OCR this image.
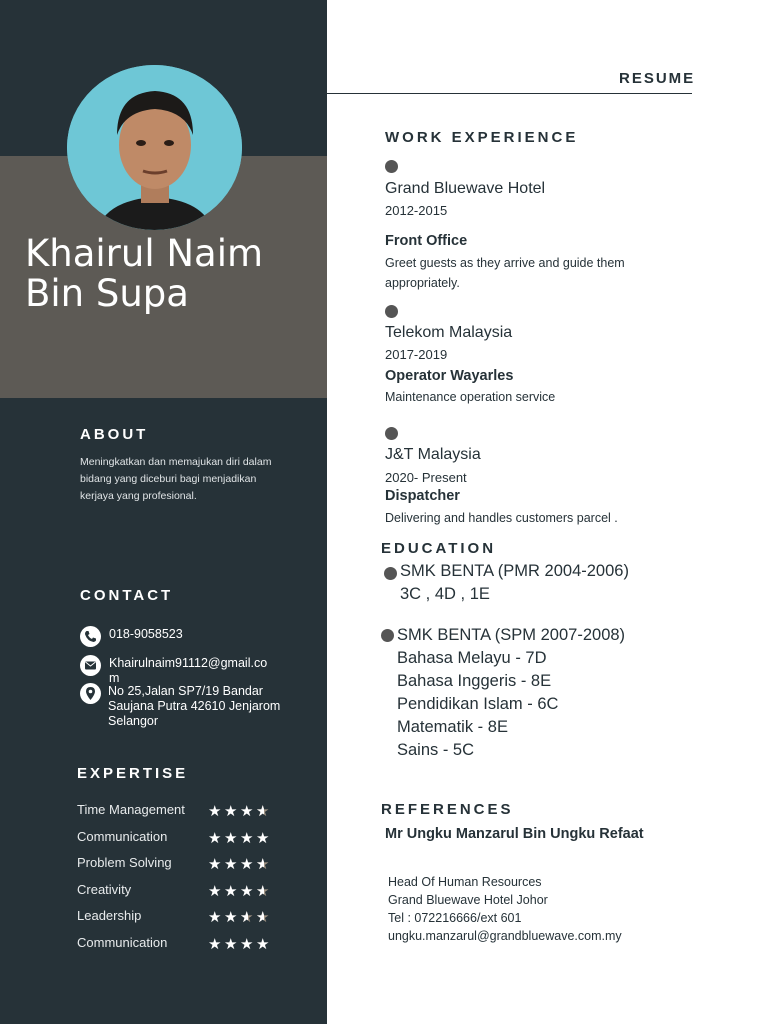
Khairul Naim
Bin Supa
ABOUT
Meningkatkan dan memajukan diri dalam bidang yang diceburi bagi menjadikan kerjaya yang profesional.
CONTACT
018-9058523
Khairulnaim91112@gmail.com
No 25,Jalan SP7/19 Bandar Saujana Putra 42610 Jenjarom Selangor
EXPERTISE
Time Management ★ ★ ★ ★ ★
Communication	★ ★ ★ ★
Problem Solving ★ ★ ★ ★ ★
Creativity	★ ★ ★ ★ ★
Leadership	★ ★ ★ ★ ★ ★
Communication	★ ★ ★ ★
RESUME
WORK EXPERIENCE
Grand Bluewave Hotel
2012-2015
Front Office
Greet guests as they arrive and guide them appropriately.
Telekom Malaysia
2017-2019
Operator Wayarles
Maintenance operation service
J&T Malaysia
2020- Present
Dispatcher
Delivering and handles customers parcel .
EDUCATION
SMK BENTA (PMR 2004-2006)
3C , 4D , 1E
SMK BENTA (SPM 2007-2008)
Bahasa Melayu - 7D
Bahasa Inggeris - 8E
Pendidikan Islam - 6C
Matematik - 8E
Sains - 5C
REFERENCES
Mr Ungku Manzarul Bin Ungku Refaat
Head Of Human Resources
Grand Bluewave Hotel Johor
Tel : 072216666/ext 601
ungku.manzarul@grandbluewave.com.my
